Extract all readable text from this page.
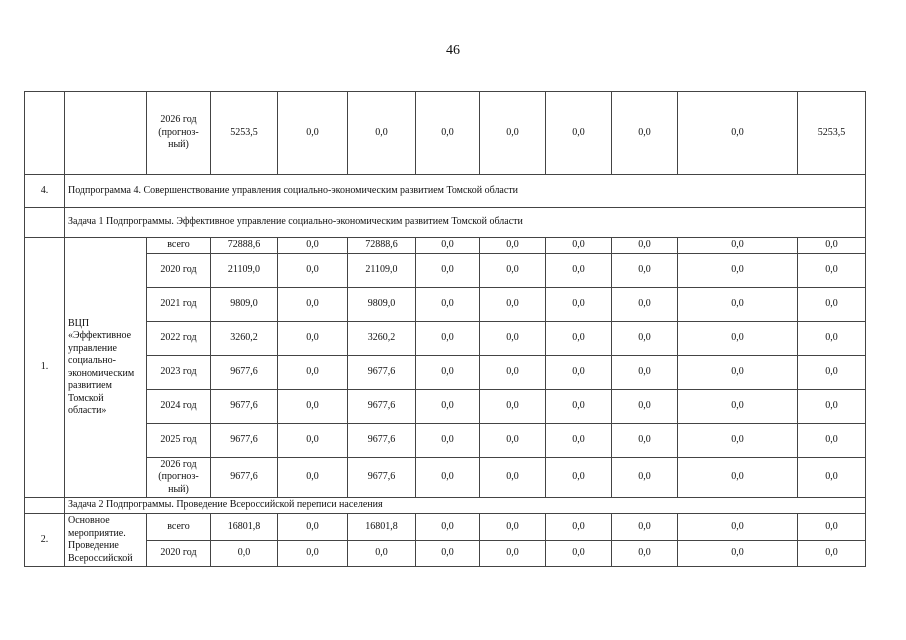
46
		2026 год (прогноз-ный)	5253,5	0,0	0,0	0,0	0,0	0,0	0,0	0,0	5253,5
4.	Подпрограмма 4. Совершенствование управления социально-экономическим развитием Томской области										
	Задача 1 Подпрограммы. Эффективное управление социально-экономическим развитием Томской области										
1.	ВЦП «Эффективное управление социально-экономическим развитием Томской области»	всего	72888,6	0,0	72888,6	0,0	0,0	0,0	0,0	0,0	0,0
		2020 год	21109,0	0,0	21109,0	0,0	0,0	0,0	0,0	0,0	0,0
		2021 год	9809,0	0,0	9809,0	0,0	0,0	0,0	0,0	0,0	0,0
		2022 год	3260,2	0,0	3260,2	0,0	0,0	0,0	0,0	0,0	0,0
		2023 год	9677,6	0,0	9677,6	0,0	0,0	0,0	0,0	0,0	0,0
		2024 год	9677,6	0,0	9677,6	0,0	0,0	0,0	0,0	0,0	0,0
		2025 год	9677,6	0,0	9677,6	0,0	0,0	0,0	0,0	0,0	0,0
		2026 год (прогноз-ный)	9677,6	0,0	9677,6	0,0	0,0	0,0	0,0	0,0	0,0
	Задача 2 Подпрограммы. Проведение Всероссийской переписи населения										
2.	Основное мероприятие. Проведение Всероссийской	всего	16801,8	0,0	16801,8	0,0	0,0	0,0	0,0	0,0	0,0
		2020 год	0,0	0,0	0,0	0,0	0,0	0,0	0,0	0,0	0,0
